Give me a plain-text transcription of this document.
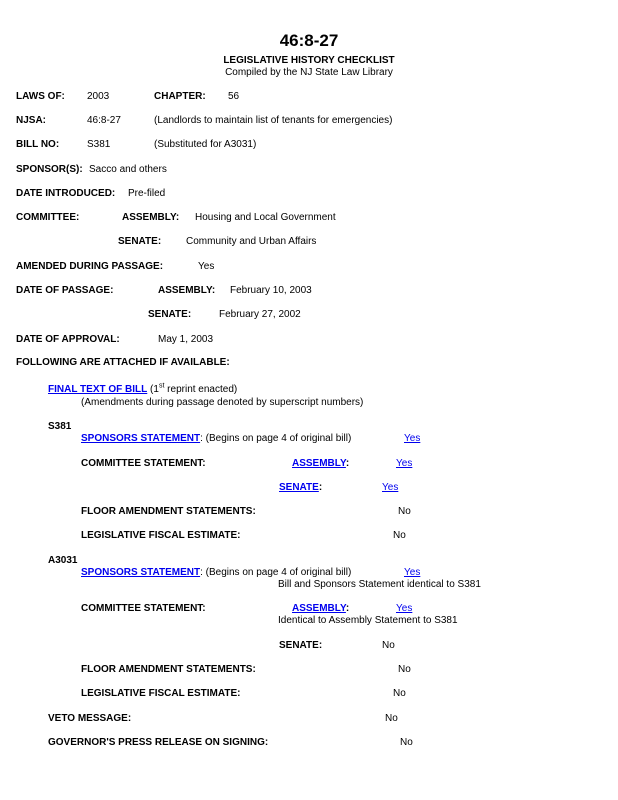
46:8-27
LEGISLATIVE HISTORY CHECKLIST
Compiled by the NJ State Law Library
LAWS OF: 2003	CHAPTER: 56
NJSA:	46:8-27	(Landlords to maintain list of tenants for emergencies)
BILL NO:	S381	(Substituted for A3031)
SPONSOR(S): Sacco and others
DATE INTRODUCED: Pre-filed
COMMITTEE:	ASSEMBLY: Housing and Local Government
SENATE: Community and Urban Affairs
AMENDED DURING PASSAGE:	Yes
DATE OF PASSAGE:	ASSEMBLY: February 10, 2003
SENATE:	February 27, 2002
DATE OF APPROVAL:	May 1, 2003
FOLLOWING ARE ATTACHED IF AVAILABLE:
FINAL TEXT OF BILL (1st reprint enacted)
(Amendments during passage denoted by superscript numbers)
S381
SPONSORS STATEMENT: (Begins on page 4 of original bill)	Yes
COMMITTEE STATEMENT:	ASSEMBLY:	Yes
SENATE:	Yes
FLOOR AMENDMENT STATEMENTS:	No
LEGISLATIVE FISCAL ESTIMATE:	No
A3031
SPONSORS STATEMENT: (Begins on page 4 of original bill)	Yes
Bill and Sponsors Statement identical to S381
COMMITTEE STATEMENT:	ASSEMBLY:	Yes
Identical to Assembly Statement to S381
SENATE:	No
FLOOR AMENDMENT STATEMENTS:	No
LEGISLATIVE FISCAL ESTIMATE:	No
VETO MESSAGE:	No
GOVERNOR'S PRESS RELEASE ON SIGNING:	No
